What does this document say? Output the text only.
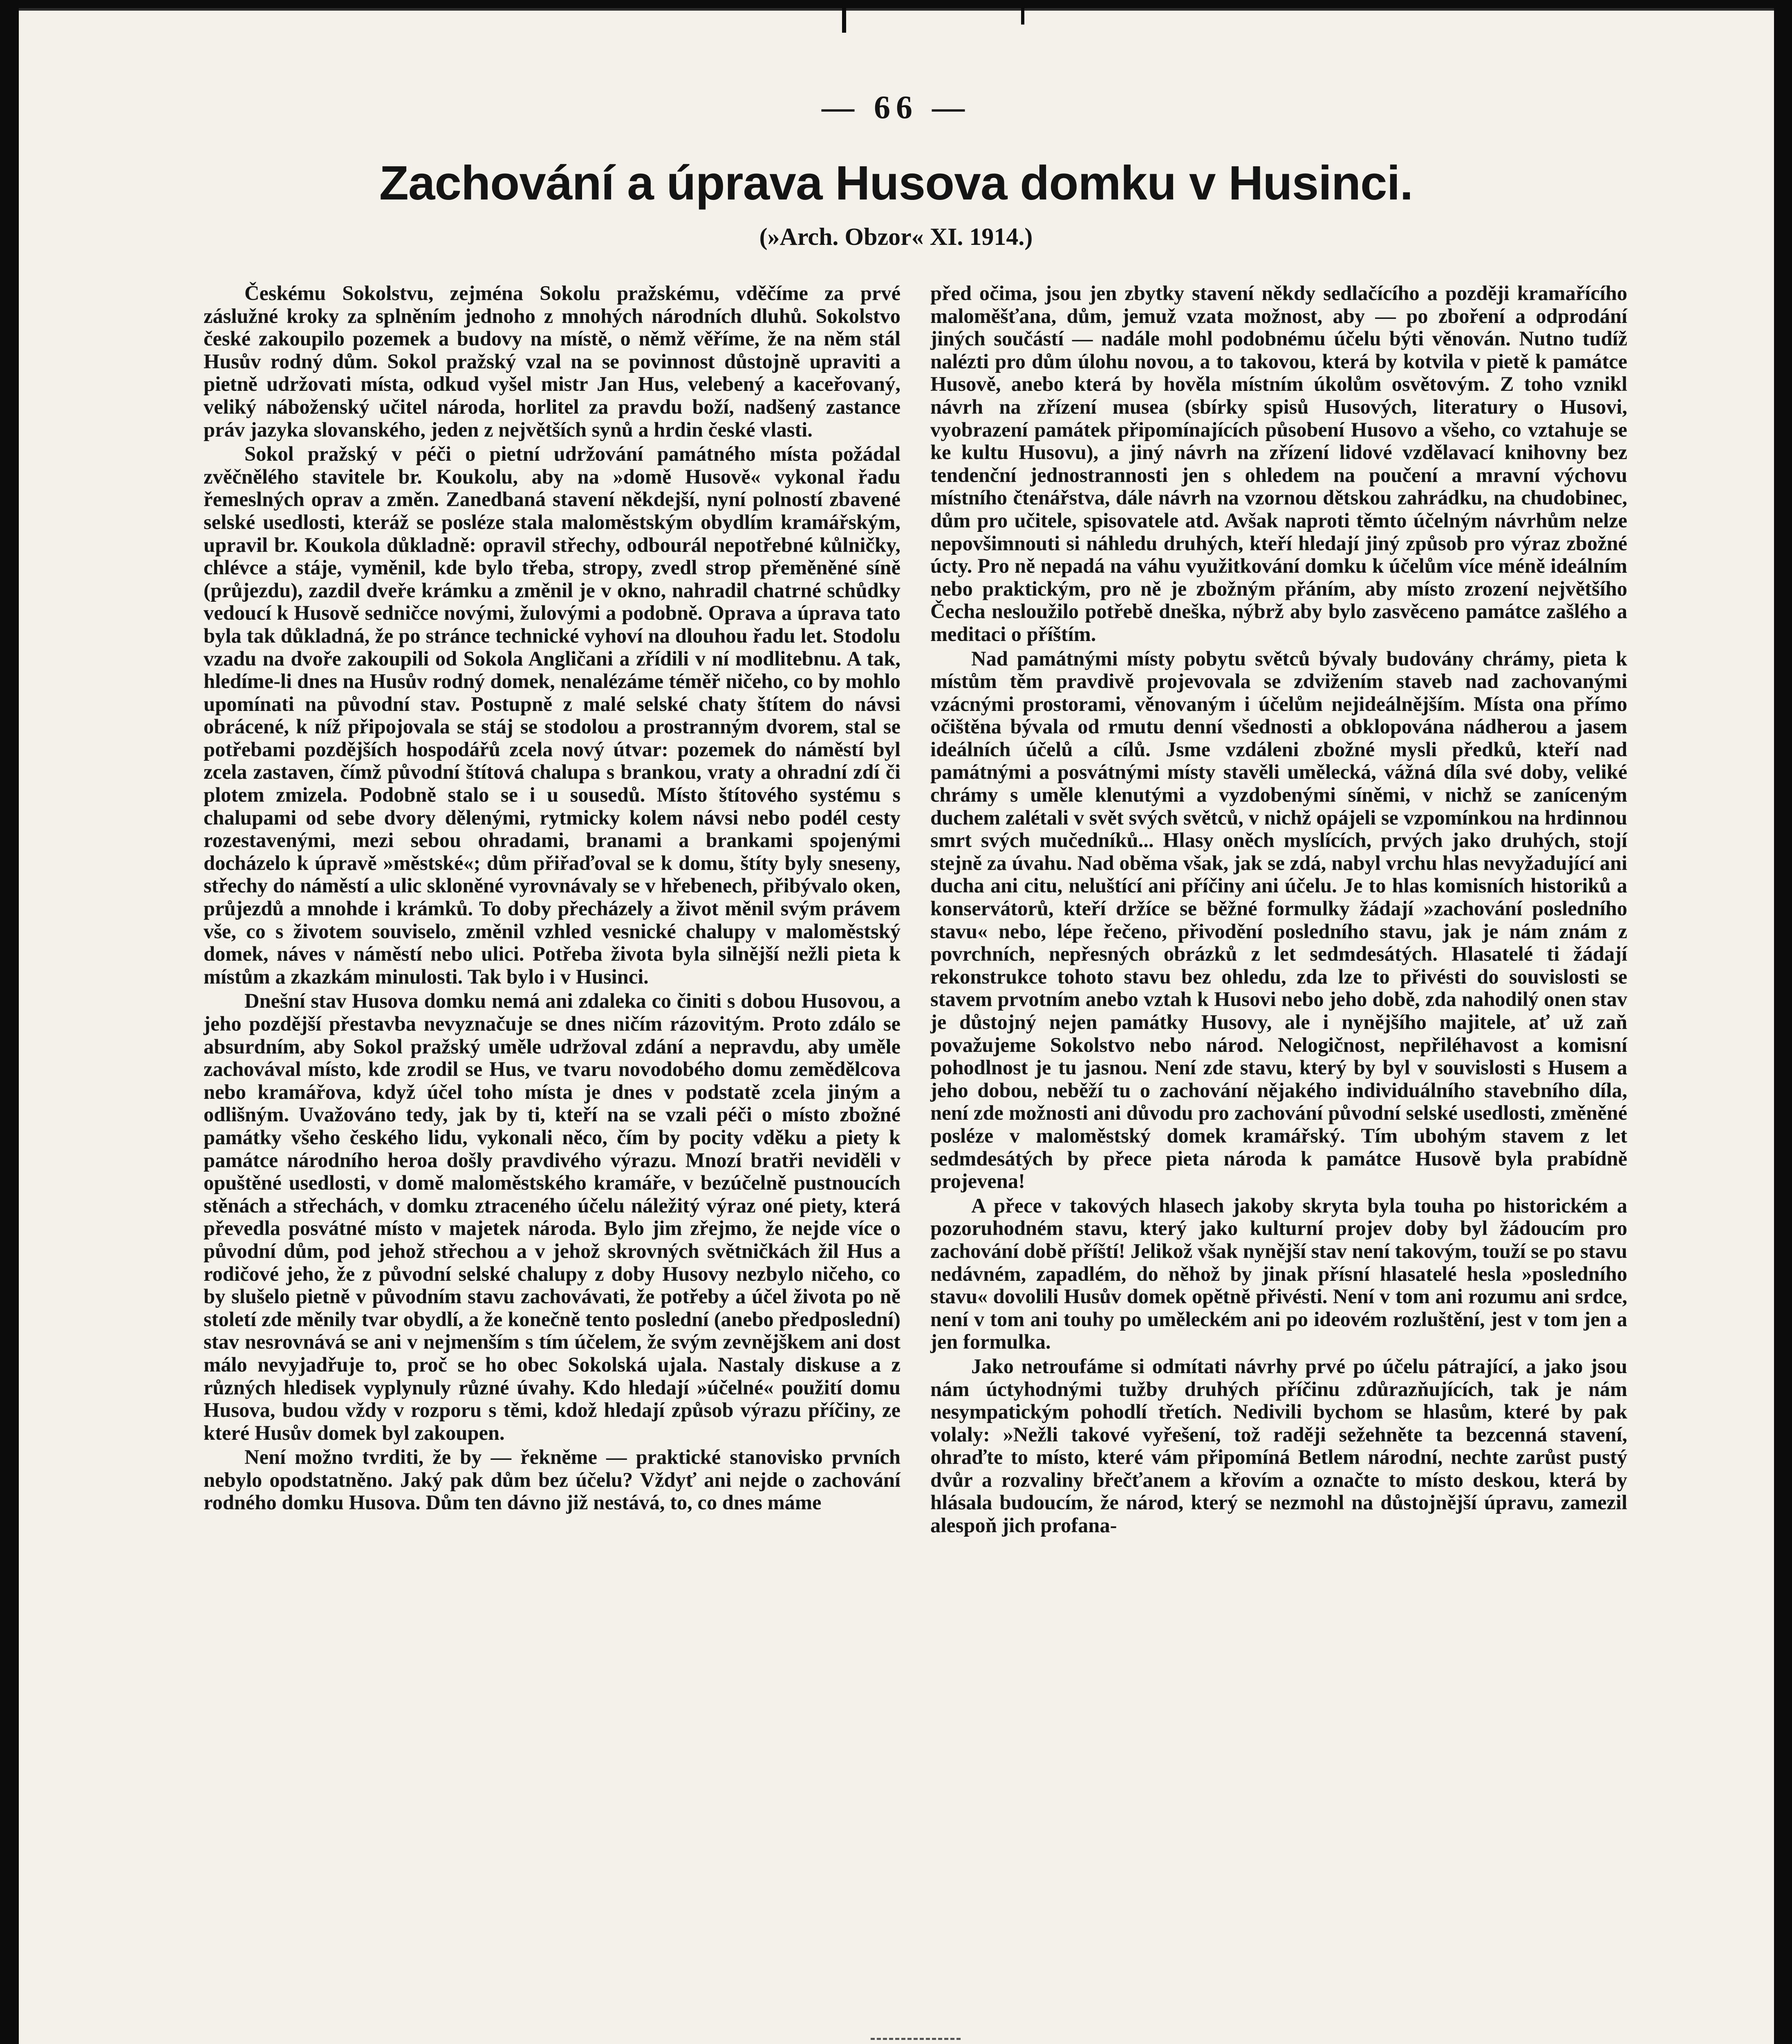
— 66 —
Zachování a úprava Husova domku v Husinci.
(»Arch. Obzor« XI. 1914.)

Českému Sokolstvu, zejména Sokolu pražskému, vděčíme za prvé záslužné kroky za splněním jednoho z mnohých národních dluhů. Sokolstvo české zakoupilo pozemek a budovy na místě, o němž věříme, že na něm stál Husův rodný dům. Sokol pražský vzal na se povinnost důstojně upraviti a pietně udržovati místa, odkud vyšel mistr Jan Hus, velebený a kaceřovaný, veliký náboženský učitel národa, horlitel za pravdu boží, nadšený zastance práv jazyka slovanského, jeden z největších synů a hrdin české vlasti.

Sokol pražský v péči o pietní udržování památného místa požádal zvěčnělého stavitele br. Koukolu, aby na »domě Husově« vykonal řadu řemeslných oprav a změn. Zanedbaná stavení někdejší, nyní polností zbavené selské usedlosti, kteráž se posléze stala maloměstským obydlím kramářským, upravil br. Koukola důkladně: opravil střechy, odbourál nepotřebné kůlničky, chlévce a stáje, vyměnil, kde bylo třeba, stropy, zvedl strop přeměněné síně (průjezdu), zazdil dveře krámku a změnil je v okno, nahradil chatrné schůdky vedoucí k Husově sedničce novými, žulovými a podobně. Oprava a úprava tato byla tak důkladná, že po stránce technické vyhoví na dlouhou řadu let. Stodolu vzadu na dvoře zakoupili od Sokola Angličani a zřídili v ní modlitebnu. A tak, hledíme-li dnes na Husův rodný domek, nenalézáme téměř ničeho, co by mohlo upomínati na původní stav. Postupně z malé selské chaty štítem do návsi obrácené, k níž připojovala se stáj se stodolou a prostranným dvorem, stal se potřebami pozdějších hospodářů zcela nový útvar: pozemek do náměstí byl zcela zastaven, čímž původní štítová chalupa s brankou, vraty a ohradní zdí či plotem zmizela. Podobně stalo se i u sousedů. Místo štítového systému s chalupami od sebe dvory dělenými, rytmicky kolem návsi nebo podél cesty rozestavenými, mezi sebou ohradami, branami a brankami spojenými docházelo k úpravě »městské«; dům přiřaďoval se k domu, štíty byly sneseny, střechy do náměstí a ulic skloněné vyrovnávaly se v hřebenech, přibývalo oken, průjezdů a mnohde i krámků. To doby přecházely a život měnil svým právem vše, co s životem souviselo, změnil vzhled vesnické chalupy v maloměstský domek, náves v náměstí nebo ulici. Potřeba života byla silnější nežli pieta k místům a zkazkám minulosti. Tak bylo i v Husinci.

Dnešní stav Husova domku nemá ani zdaleka co činiti s dobou Husovou, a jeho pozdější přestavba nevyznačuje se dnes ničím rázovitým. Proto zdálo se absurdním, aby Sokol pražský uměle udržoval zdání a nepravdu, aby uměle zachovával místo, kde zrodil se Hus, ve tvaru novodobého domu zemědělcova nebo kramářova, když účel toho místa je dnes v podstatě zcela jiným a odlišným. Uvažováno tedy, jak by ti, kteří na se vzali péči o místo zbožné památky všeho českého lidu, vykonali něco, čím by pocity vděku a piety k památce národního heroa došly pravdivého výrazu. Mnozí bratři neviděli v opuštěné usedlosti, v domě maloměstského kramáře, v bezúčelně pustnoucích stěnách a střechách, v domku ztraceného účelu náležitý výraz oné piety, která převedla posvátné místo v majetek národa. Bylo jim zřejmo, že nejde více o původní dům, pod jehož střechou a v jehož skrovných světničkách žil Hus a rodičové jeho, že z původní selské chalupy z doby Husovy nezbylo ničeho, co by slušelo pietně v původním stavu zachovávati, že potřeby a účel života po ně století zde měnily tvar obydlí, a že konečně tento poslední (anebo předposlední) stav nesrovnává se ani v nejmenším s tím účelem, že svým zevnějškem ani dost málo nevyjadřuje to, proč se ho obec Sokolská ujala. Nastaly diskuse a z různých hledisek vyplynuly různé úvahy. Kdo hledají »účelné« použití domu Husova, budou vždy v rozporu s těmi, kdož hledají způsob výrazu příčiny, ze které Husův domek byl zakoupen.

Není možno tvrditi, že by — řekněme — praktické stanovisko prvních nebylo opodstatněno. Jaký pak dům bez účelu? Vždyť ani nejde o zachování rodného domku Husova. Dům ten dávno již nestává, to, co dnes máme

před očima, jsou jen zbytky stavení někdy sedlačícího a později kramařícího maloměšťana, dům, jemuž vzata možnost, aby — po zboření a odprodání jiných součástí — nadále mohl podobnému účelu býti věnován. Nutno tudíž nalézti pro dům úlohu novou, a to takovou, která by kotvila v pietě k památce Husově, anebo která by hověla místním úkolům osvětovým. Z toho vznikl návrh na zřízení musea (sbírky spisů Husových, literatury o Husovi, vyobrazení památek připomínajících působení Husovo a všeho, co vztahuje se ke kultu Husovu), a jiný návrh na zřízení lidové vzdělavací knihovny bez tendenční jednostrannosti jen s ohledem na poučení a mravní výchovu místního čtenářstva, dále návrh na vzornou dětskou zahrádku, na chudobinec, dům pro učitele, spisovatele atd. Avšak naproti těmto účelným návrhům nelze nepovšimnouti si náhledu druhých, kteří hledají jiný způsob pro výraz zbožné úcty. Pro ně nepadá na váhu využitkování domku k účelům více méně ideálním nebo praktickým, pro ně je zbožným přáním, aby místo zrození největšího Čecha nesloužilo potřebě dneška, nýbrž aby bylo zasvěceno památce zašlého a meditaci o příštím.

Nad památnými místy pobytu světců bývaly budovány chrámy, pieta k místům těm pravdivě projevovala se zdvižením staveb nad zachovanými vzácnými prostorami, věnovaným i účelům nejideálnějším. Místa ona přímo očištěna bývala od rmutu denní všednosti a obklopována nádherou a jasem ideálních účelů a cílů. Jsme vzdáleni zbožné mysli předků, kteří nad památnými a posvátnými místy stavěli umělecká, vážná díla své doby, veliké chrámy s uměle klenutými a vyzdobenými síněmi, v nichž se zaníceným duchem zalétali v svět svých světců, v nichž opájeli se vzpomínkou na hrdinnou smrt svých mučedníků... Hlasy oněch myslících, prvých jako druhých, stojí stejně za úvahu. Nad oběma však, jak se zdá, nabyl vrchu hlas nevyžadující ani ducha ani citu, neluštící ani příčiny ani účelu. Je to hlas komisních historiků a konservátorů, kteří držíce se běžné formulky žádají »zachování posledního stavu« nebo, lépe řečeno, přivodění posledního stavu, jak je nám znám z povrchních, nepřesných obrázků z let sedmdesátých. Hlasatelé ti žádají rekonstrukce tohoto stavu bez ohledu, zda lze to přivésti do souvislosti se stavem prvotním anebo vztah k Husovi nebo jeho době, zda nahodilý onen stav je důstojný nejen památky Husovy, ale i nynějšího majitele, ať už zaň považujeme Sokolstvo nebo národ. Nelogičnost, nepřiléhavost a komisní pohodlnost je tu jasnou. Není zde stavu, který by byl v souvislosti s Husem a jeho dobou, neběží tu o zachování nějakého individuálního stavebního díla, není zde možnosti ani důvodu pro zachování původní selské usedlosti, změněné posléze v maloměstský domek kramářský. Tím ubohým stavem z let sedmdesátých by přece pieta národa k památce Husově byla prabídně projevena!

A přece v takových hlasech jakoby skryta byla touha po historickém a pozoruhodném stavu, který jako kulturní projev doby byl žádoucím pro zachování době příští! Jelikož však nynější stav není takovým, touží se po stavu nedávném, zapadlém, do něhož by jinak přísní hlasatelé hesla »posledního stavu« dovolili Husův domek opětně přivésti. Není v tom ani rozumu ani srdce, není v tom ani touhy po uměleckém ani po ideovém rozluštění, jest v tom jen a jen formulka.

Jako netroufáme si odmítati návrhy prvé po účelu pátrající, a jako jsou nám úctyhodnými tužby druhých příčinu zdůrazňujících, tak je nám nesympatickým pohodlí třetích. Nedivili bychom se hlasům, které by pak volaly: »Nežli takové vyřešení, tož raději sežehněte ta bezcenná stavení, ohraďte to místo, které vám připomíná Betlem národní, nechte zarůst pustý dvůr a rozvaliny břečťanem a křovím a označte to místo deskou, která by hlásala budoucím, že národ, který se nezmohl na důstojnější úpravu, zamezil alespoň jich profana-
